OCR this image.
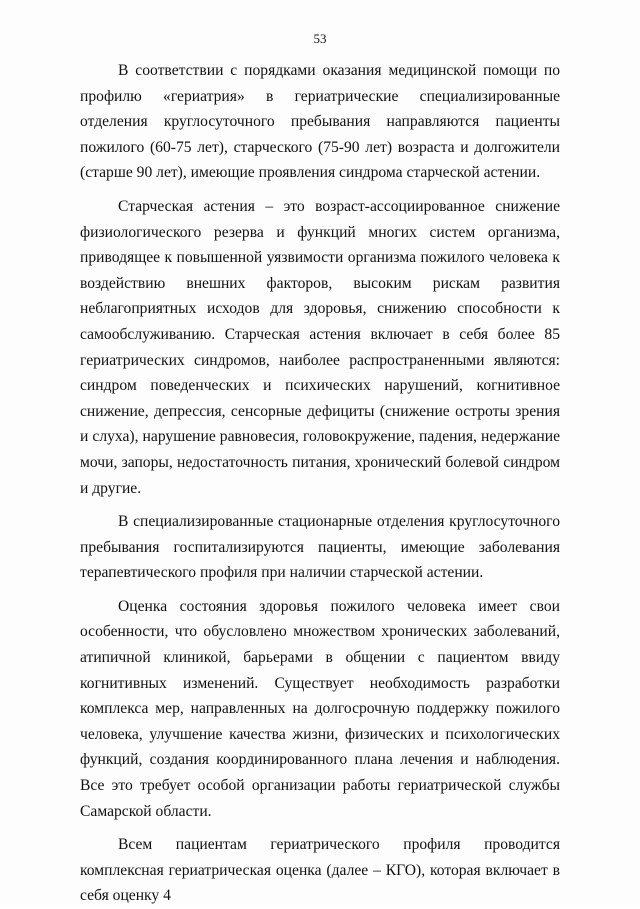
53

В соответствии с порядками оказания медицинской помощи по профилю «гериатрия» в гериатрические специализированные отделения круглосуточного пребывания направляются пациенты пожилого (60-75 лет), старческого (75-90 лет) возраста и долгожители (старше 90 лет), имеющие проявления синдрома старческой астении.

Старческая астения – это возраст-ассоциированное снижение физиологического резерва и функций многих систем организма, приводящее к повышенной уязвимости организма пожилого человека к воздействию внешних факторов, высоким рискам развития неблагоприятных исходов для здоровья, снижению способности к самообслуживанию. Старческая астения включает в себя более 85 гериатрических синдромов, наиболее распространенными являются: синдром поведенческих и психических нарушений, когнитивное снижение, депрессия, сенсорные дефициты (снижение остроты зрения и слуха), нарушение равновесия, головокружение, падения, недержание мочи, запоры, недостаточность питания, хронический болевой синдром и другие.

В специализированные стационарные отделения круглосуточного пребывания госпитализируются пациенты, имеющие заболевания терапевтического профиля при наличии старческой астении.

Оценка состояния здоровья пожилого человека имеет свои особенности, что обусловлено множеством хронических заболеваний, атипичной клиникой, барьерами в общении с пациентом ввиду когнитивных изменений. Существует необходимость разработки комплекса мер, направленных на долгосрочную поддержку пожилого человека, улучшение качества жизни, физических и психологических функций, создания координированного плана лечения и наблюдения. Все это требует особой организации работы гериатрической службы Самарской области.

Всем пациентам гериатрического профиля проводится комплексная гериатрическая оценка (далее – КГО), которая включает в себя оценку 4
